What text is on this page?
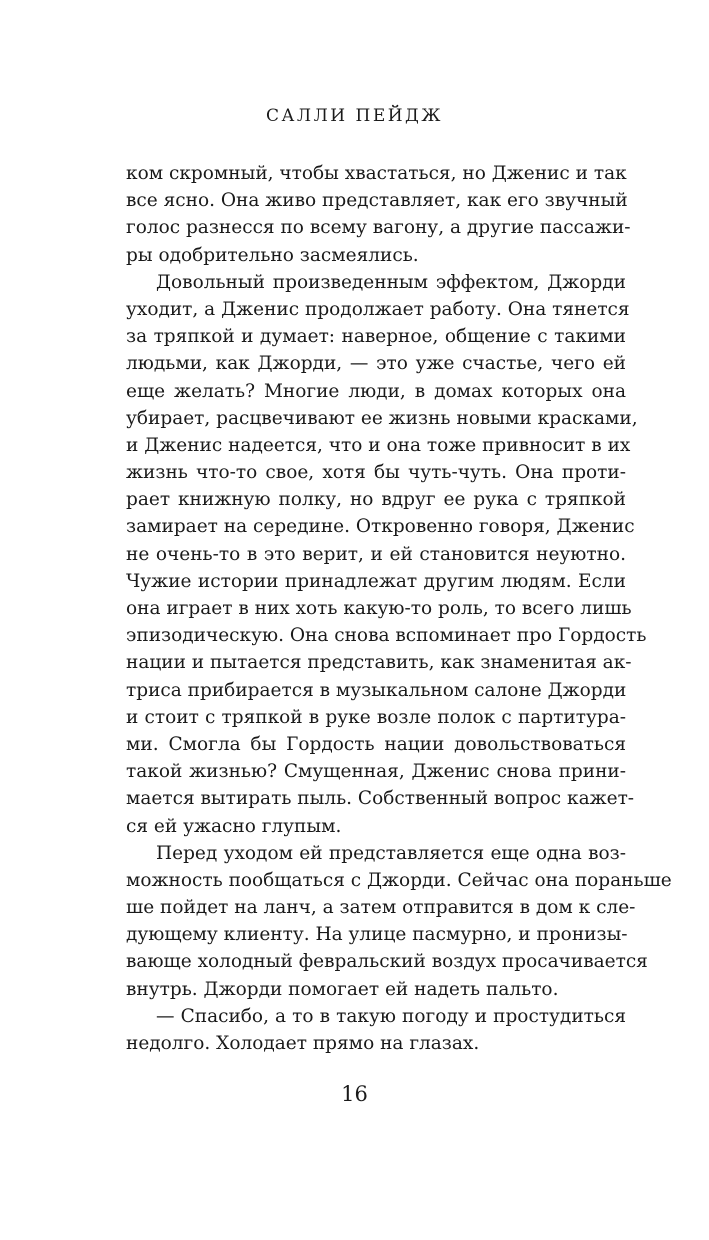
САЛЛИ ПЕЙДЖ
ком скромный, чтобы хвастаться, но Дженис и так
все ясно. Она живо представляет, как его звучный
голос разнесся по всему вагону, а другие пассажи-
ры одобрительно засмеялись.
Довольный произведенным эффектом, Джорди
уходит, а Дженис продолжает работу. Она тянется
за тряпкой и думает: наверное, общение с такими
людьми, как Джорди, — это уже счастье, чего ей
еще желать? Многие люди, в домах которых она
убирает, расцвечивают ее жизнь новыми красками,
и Дженис надеется, что и она тоже привносит в их
жизнь что-то свое, хотя бы чуть-чуть. Она проти-
рает книжную полку, но вдруг ее рука с тряпкой
замирает на середине. Откровенно говоря, Дженис
не очень-то в это верит, и ей становится неуютно.
Чужие истории принадлежат другим людям. Если
она играет в них хоть какую-то роль, то всего лишь
эпизодическую. Она снова вспоминает про Гордость
нации и пытается представить, как знаменитая ак-
триса прибирается в музыкальном салоне Джорди
и стоит с тряпкой в руке возле полок с партитура-
ми. Смогла бы Гордость нации довольствоваться
такой жизнью? Смущенная, Дженис снова прини-
мается вытирать пыль. Собственный вопрос кажет-
ся ей ужасно глупым.
Перед уходом ей представляется еще одна воз-
можность пообщаться с Джорди. Сейчас она пораньше
ше пойдет на ланч, а затем отправится в дом к сле-
дующему клиенту. На улице пасмурно, и пронизы-
вающе холодный февральский воздух просачивается
внутрь. Джорди помогает ей надеть пальто.
— Спасибо, а то в такую погоду и простудиться
недолго. Холодает прямо на глазах.
16
